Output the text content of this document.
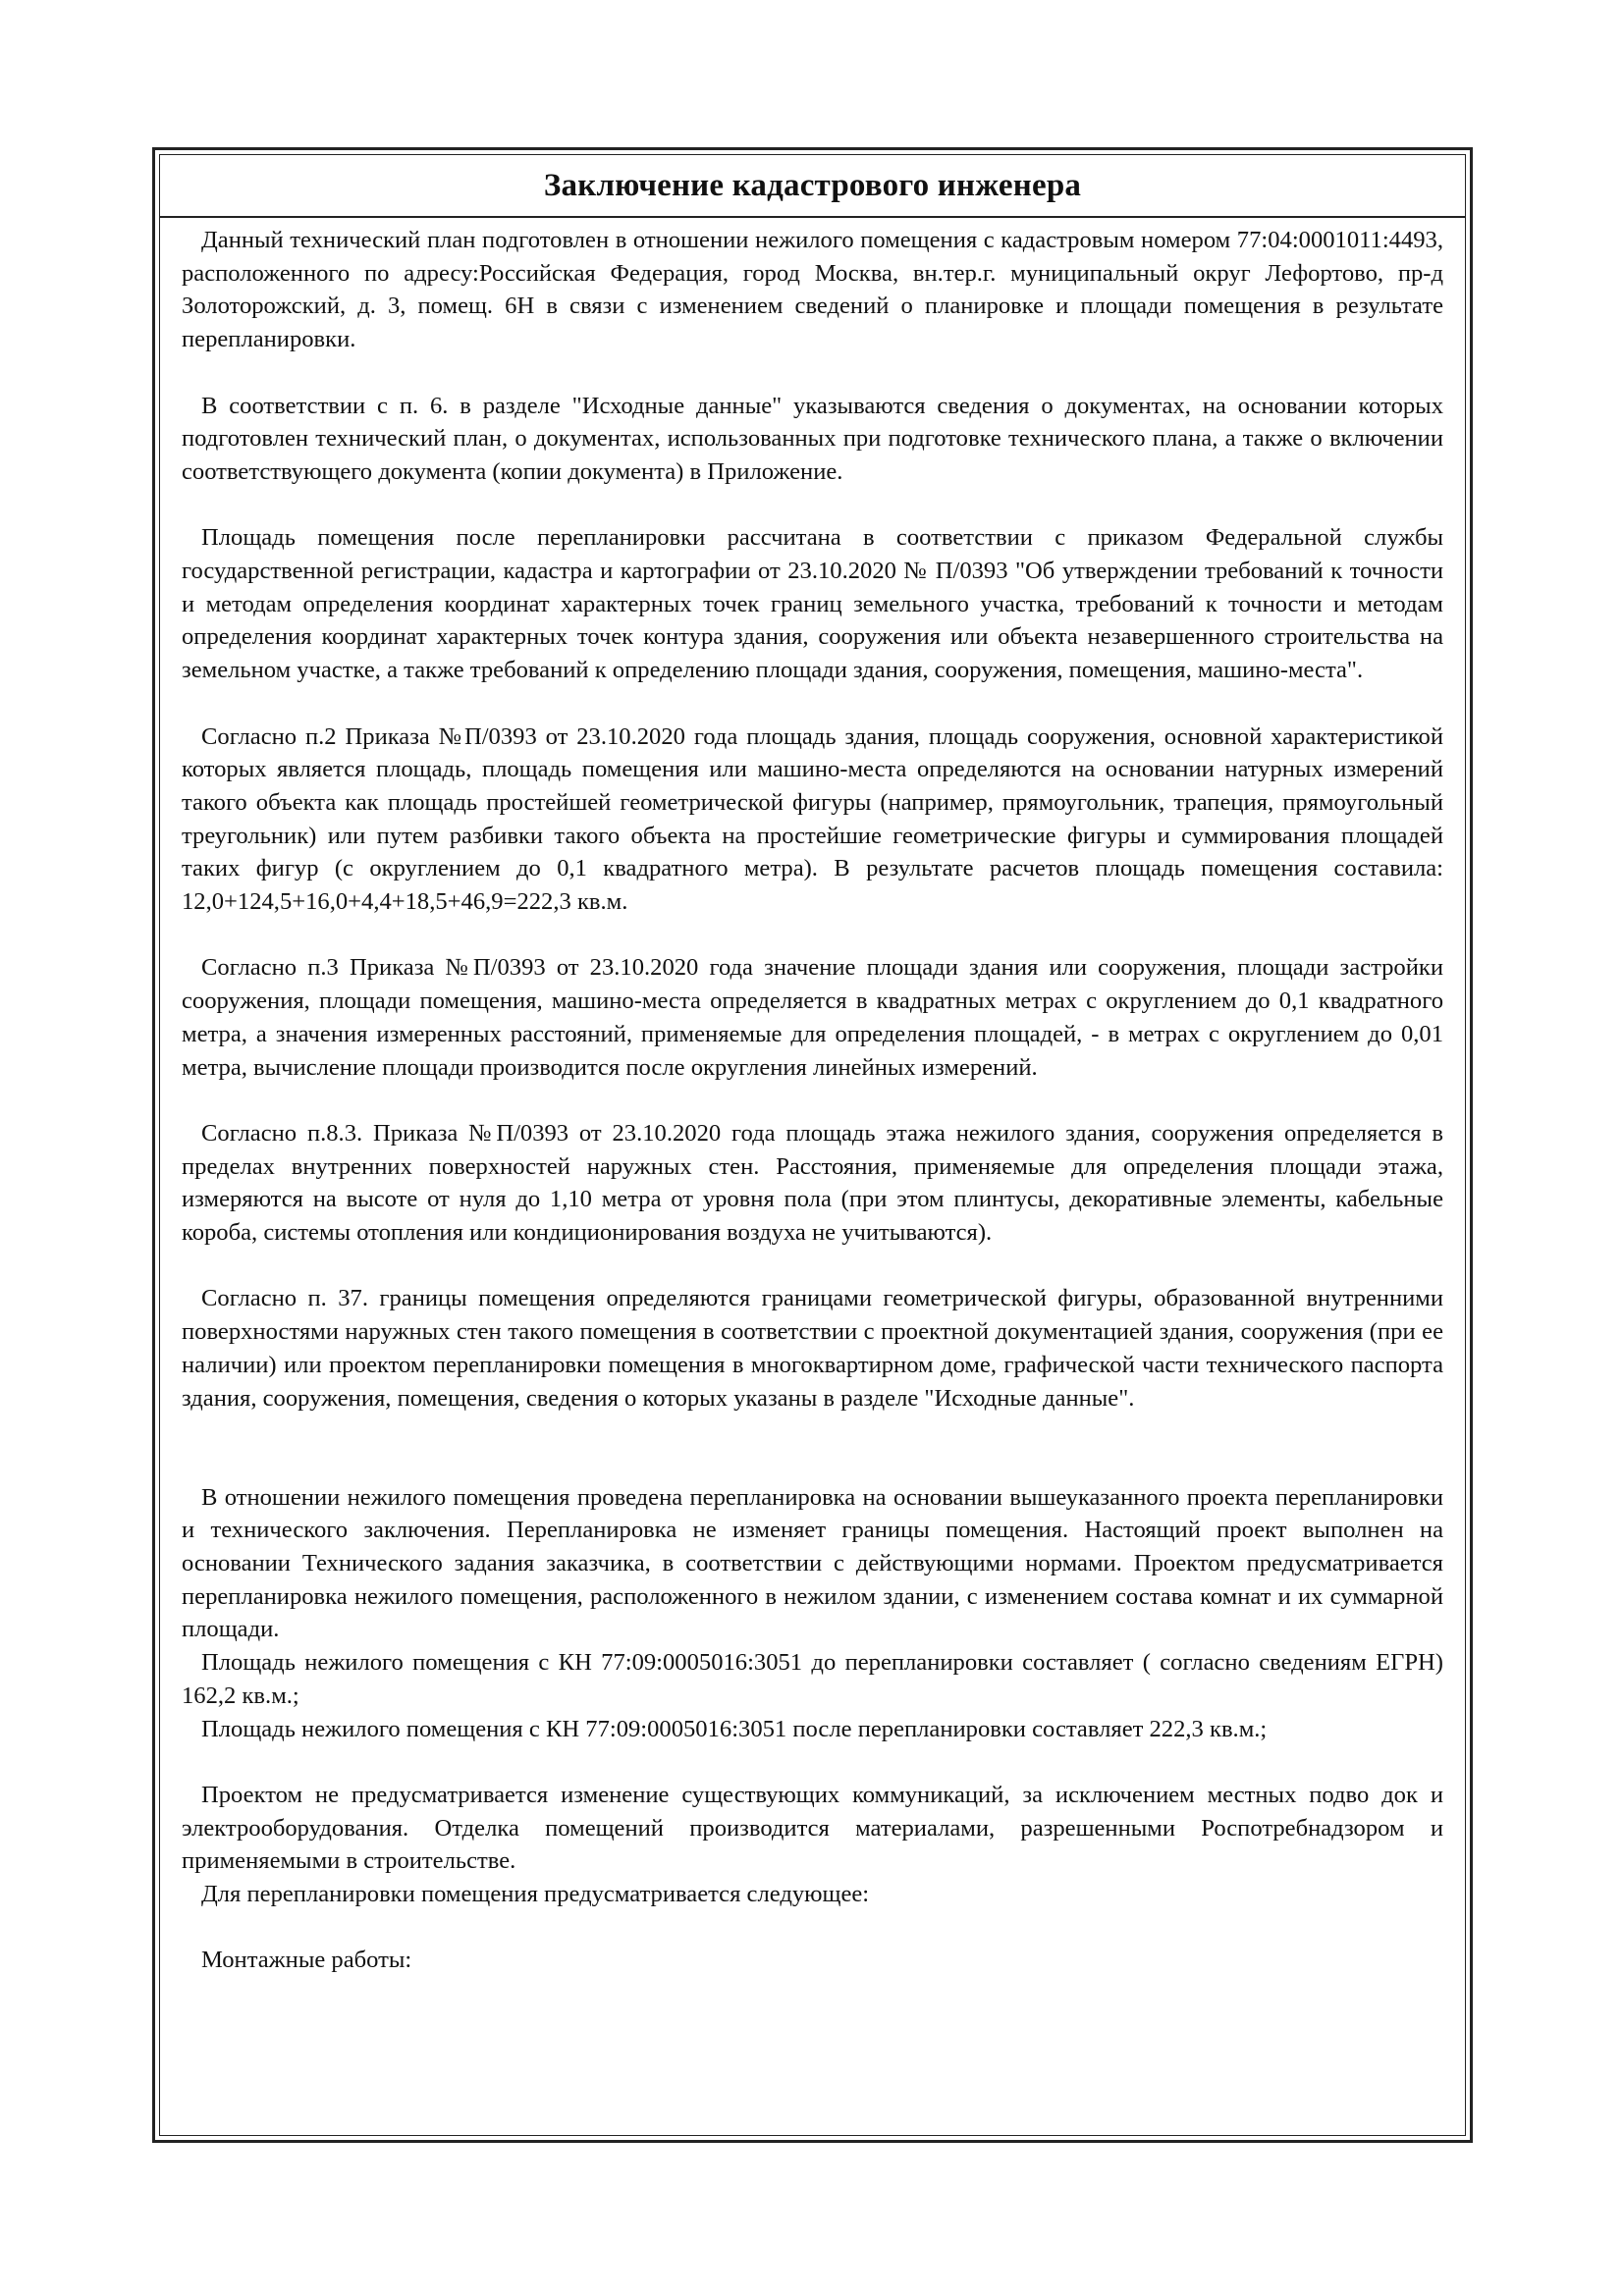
Заключение кадастрового инженера

Данный технический план подготовлен в отношении нежилого помещения с кадастровым номером 77:04:0001011:4493, расположенного по адресу:Российская Федерация, город Москва, вн.тер.г. муниципальный округ Лефортово, пр-д Золоторожский, д. 3, помещ. 6Н в связи с изменением сведений о планировке и площади помещения в результате перепланировки.

В соответствии с п. 6. в разделе "Исходные данные" указываются сведения о документах, на основании которых подготовлен технический план, о документах, использованных при подготовке технического плана, а также о включении соответствующего документа (копии документа) в Приложение.

Площадь помещения после перепланировки рассчитана в соответствии с приказом Федеральной службы государственной регистрации, кадастра и картографии от 23.10.2020 № П/0393 "Об утверждении требований к точности и методам определения координат характерных точек границ земельного участка, требований к точности и методам определения координат характерных точек контура здания, сооружения или объекта незавершенного строительства на земельном участке, а также требований к определению площади здания, сооружения, помещения, машино-места".

Согласно п.2 Приказа №П/0393 от 23.10.2020 года площадь здания, площадь сооружения, основной характеристикой которых является площадь, площадь помещения или машино-места определяются на основании натурных измерений такого объекта как площадь простейшей геометрической фигуры (например, прямоугольник, трапеция, прямоугольный треугольник) или путем разбивки такого объекта на простейшие геометрические фигуры и суммирования площадей таких фигур (с округлением до 0,1 квадратного метра). В результате расчетов площадь помещения составила:

12,0+124,5+16,0+4,4+18,5+46,9=222,3 кв.м.

Согласно п.3 Приказа №П/0393 от 23.10.2020 года значение площади здания или сооружения, площади застройки сооружения, площади помещения, машино-места определяется в квадратных метрах с округлением до 0,1 квадратного метра, а значения измеренных расстояний, применяемые для определения площадей, - в метрах с округлением до 0,01 метра, вычисление площади производится после округления линейных измерений.

Согласно п.8.3. Приказа №П/0393 от 23.10.2020 года площадь этажа нежилого здания, сооружения определяется в пределах внутренних поверхностей наружных стен. Расстояния, применяемые для определения площади этажа, измеряются на высоте от нуля до 1,10 метра от уровня пола (при этом плинтусы, декоративные элементы, кабельные короба, системы отопления или кондиционирования воздуха не учитываются).

Согласно п. 37. границы помещения определяются границами геометрической фигуры, образованной внутренними поверхностями наружных стен такого помещения в соответствии с проектной документацией здания, сооружения (при ее наличии) или проектом перепланировки помещения в многоквартирном доме, графической части технического паспорта здания, сооружения, помещения, сведения о которых указаны в разделе "Исходные данные".

В отношении нежилого помещения проведена перепланировка на основании вышеуказанного проекта перепланировки и технического заключения. Перепланировка не изменяет границы помещения. Настоящий проект выполнен на основании Технического задания заказчика, в соответствии с действующими нормами. Проектом предусматривается перепланировка нежилого помещения, расположенного в нежилом здании, с изменением состава комнат и их суммарной площади.

Площадь нежилого помещения с КН 77:09:0005016:3051 до перепланировки составляет ( согласно сведениям ЕГРН) 162,2 кв.м.;

Площадь нежилого помещения с КН 77:09:0005016:3051 после перепланировки составляет 222,3 кв.м.;

Проектом не предусматривается изменение существующих коммуникаций, за исключением местных подво док и электрооборудования. Отделка помещений производится материалами, разрешенными Роспотребнадзором и применяемыми в строительстве.

Для перепланировки помещения предусматривается следующее:

Монтажные работы:
